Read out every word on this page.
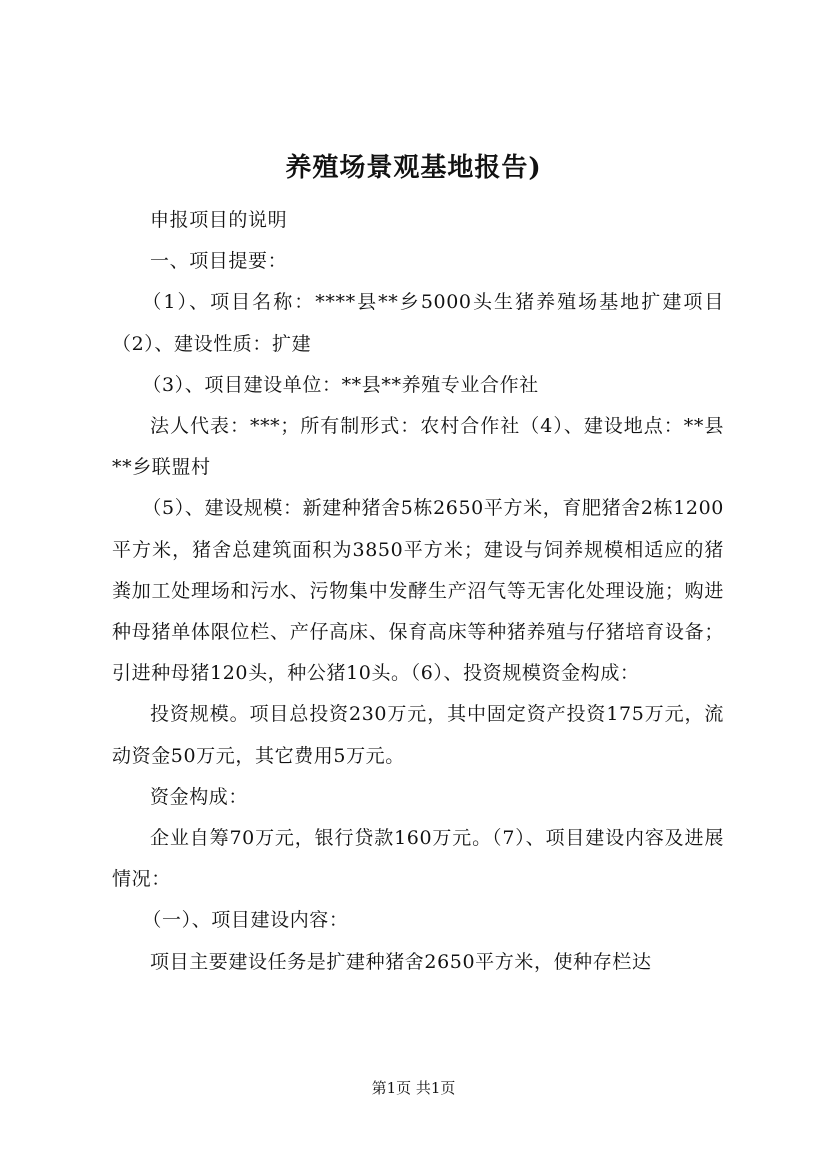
养殖场景观基地报告)

申报项目的说明

一、项目提要：

（1）、项目名称：****县**乡5000头生猪养殖场基地扩建项目（2）、建设性质：扩建

（3）、项目建设单位：**县**养殖专业合作社

法人代表：***；所有制形式：农村合作社（4）、建设地点：**县**乡联盟村

（5）、建设规模：新建种猪舍5栋2650平方米，育肥猪舍2栋1200平方米，猪舍总建筑面积为3850平方米；建设与饲养规模相适应的猪粪加工处理场和污水、污物集中发酵生产沼气等无害化处理设施；购进种母猪单体限位栏、产仔高床、保育高床等种猪养殖与仔猪培育设备；引进种母猪120头，种公猪10头。（6）、投资规模资金构成：

投资规模。项目总投资230万元，其中固定资产投资175万元，流动资金50万元，其它费用5万元。

资金构成：

企业自筹70万元，银行贷款160万元。（7）、项目建设内容及进展情况：

（一）、项目建设内容：

项目主要建设任务是扩建种猪舍2650平方米，使种存栏达

第1页 共1页
